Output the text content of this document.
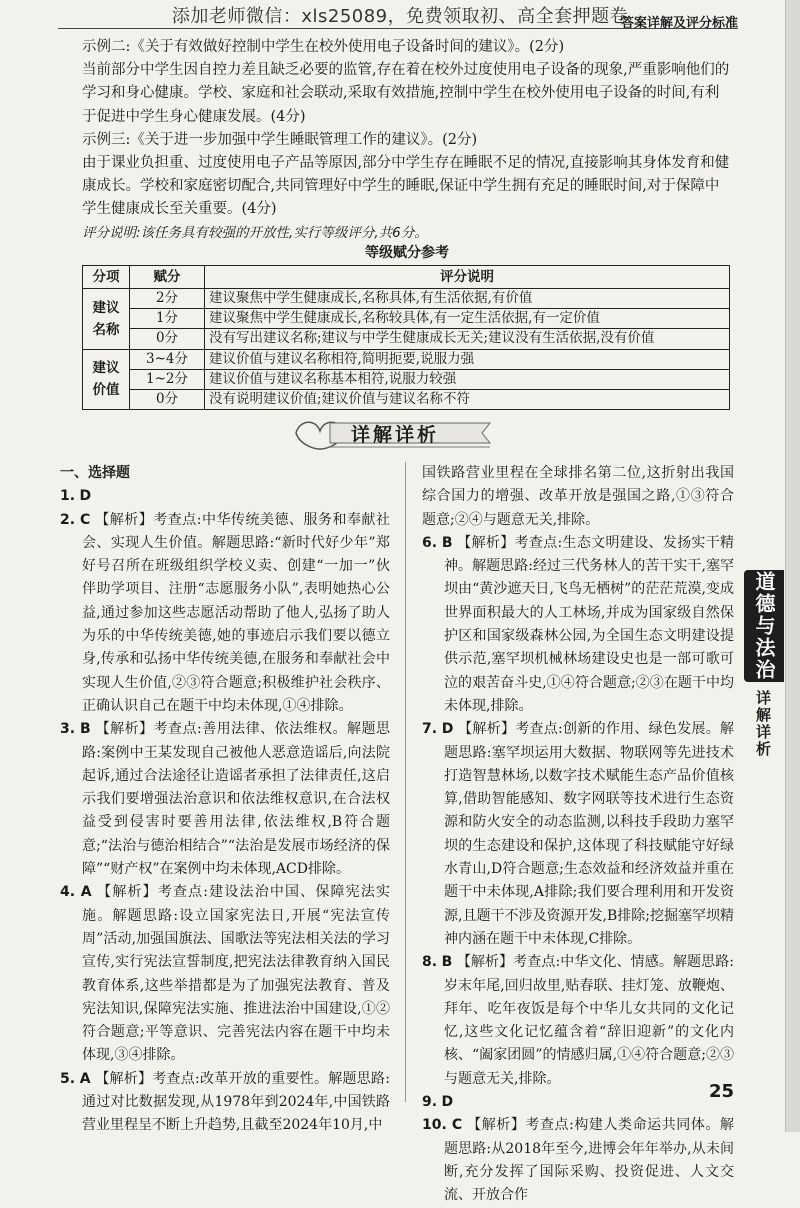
添加老师微信：xls25089，免费领取初、高全套押题卷
答案详解及评分标准

示例二:《关于有效做好控制中学生在校外使用电子设备时间的建议》。(2分)

当前部分中学生因自控力差且缺乏必要的监管,存在着在校外过度使用电子设备的现象,严重影响他们的学习和身心健康。学校、家庭和社会联动,采取有效措施,控制中学生在校外使用电子设备的时间,有利于促进中学生身心健康发展。(4分)

示例三:《关于进一步加强中学生睡眠管理工作的建议》。(2分)

由于课业负担重、过度使用电子产品等原因,部分中学生存在睡眠不足的情况,直接影响其身体发育和健康成长。学校和家庭密切配合,共同管理好中学生的睡眠,保证中学生拥有充足的睡眠时间,对于保障中学生健康成长至关重要。(4分)

评分说明:该任务具有较强的开放性,实行等级评分,共6分。

等级赋分参考
分项	赋分	评分说明
建议名称	2分	建议聚焦中学生健康成长,名称具体,有生活依据,有价值
	1分	建议聚焦中学生健康成长,名称较具体,有一定生活依据,有一定价值
	0分	没有写出建议名称;建议与中学生健康成长无关;建议没有生活依据,没有价值
建议价值	3~4分	建议价值与建议名称相符,简明扼要,说服力强
	1~2分	建议价值与建议名称基本相符,说服力较强
	0分	没有说明建议价值;建议价值与建议名称不符
详解详析

一、选择题

1. D

2. C 【解析】考查点:中华传统美德、服务和奉献社会、实现人生价值。解题思路:“新时代好少年”郑好号召所在班级组织学校义卖、创建“一加一”伙伴助学项目、注册“志愿服务小队”,表明她热心公益,通过参加这些志愿活动帮助了他人,弘扬了助人为乐的中华传统美德,她的事迹启示我们要以德立身,传承和弘扬中华传统美德,在服务和奉献社会中实现人生价值,②③符合题意;积极维护社会秩序、正确认识自己在题干中均未体现,①④排除。

3. B 【解析】考查点:善用法律、依法维权。解题思路:案例中王某发现自己被他人恶意造谣后,向法院起诉,通过合法途径让造谣者承担了法律责任,这启示我们要增强法治意识和依法维权意识,在合法权益受到侵害时要善用法律,依法维权,B符合题意;“法治与德治相结合”“法治是发展市场经济的保障”“财产权”在案例中均未体现,ACD排除。

4. A 【解析】考查点:建设法治中国、保障宪法实施。解题思路:设立国家宪法日,开展“宪法宣传周”活动,加强国旗法、国歌法等宪法相关法的学习宣传,实行宪法宣誓制度,把宪法法律教育纳入国民教育体系,这些举措都是为了加强宪法教育、普及宪法知识,保障宪法实施、推进法治中国建设,①②符合题意;平等意识、完善宪法内容在题干中均未体现,③④排除。

5. A 【解析】考查点:改革开放的重要性。解题思路:通过对比数据发现,从1978年到2024年,中国铁路营业里程呈不断上升趋势,且截至2024年10月,中

国铁路营业里程在全球排名第二位,这折射出我国综合国力的增强、改革开放是强国之路,①③符合题意;②④与题意无关,排除。

6. B 【解析】考查点:生态文明建设、发扬实干精神。解题思路:经过三代务林人的苦干实干,塞罕坝由“黄沙遮天日,飞鸟无栖树”的茫茫荒漠,变成世界面积最大的人工林场,并成为国家级自然保护区和国家级森林公园,为全国生态文明建设提供示范,塞罕坝机械林场建设史也是一部可歌可泣的艰苦奋斗史,①④符合题意;②③在题干中均未体现,排除。

7. D 【解析】考查点:创新的作用、绿色发展。解题思路:塞罕坝运用大数据、物联网等先进技术打造智慧林场,以数字技术赋能生态产品价值核算,借助智能感知、数字网联等技术进行生态资源和防火安全的动态监测,以科技手段助力塞罕坝的生态建设和保护,这体现了科技赋能守好绿水青山,D符合题意;生态效益和经济效益并重在题干中未体现,A排除;我们要合理利用和开发资源,且题干不涉及资源开发,B排除;挖掘塞罕坝精神内涵在题干中未体现,C排除。

8. B 【解析】考查点:中华文化、情感。解题思路:岁末年尾,回归故里,贴春联、挂灯笼、放鞭炮、拜年、吃年夜饭是每个中华儿女共同的文化记忆,这些文化记忆蕴含着“辞旧迎新”的文化内核、“阖家团圆”的情感归属,①④符合题意;②③与题意无关,排除。

9. D

10. C 【解析】考查点:构建人类命运共同体。解题思路:从2018年至今,进博会年年举办,从未间断,充分发挥了国际采购、投资促进、人文交流、开放合作

道德与法治
详解详析
25
